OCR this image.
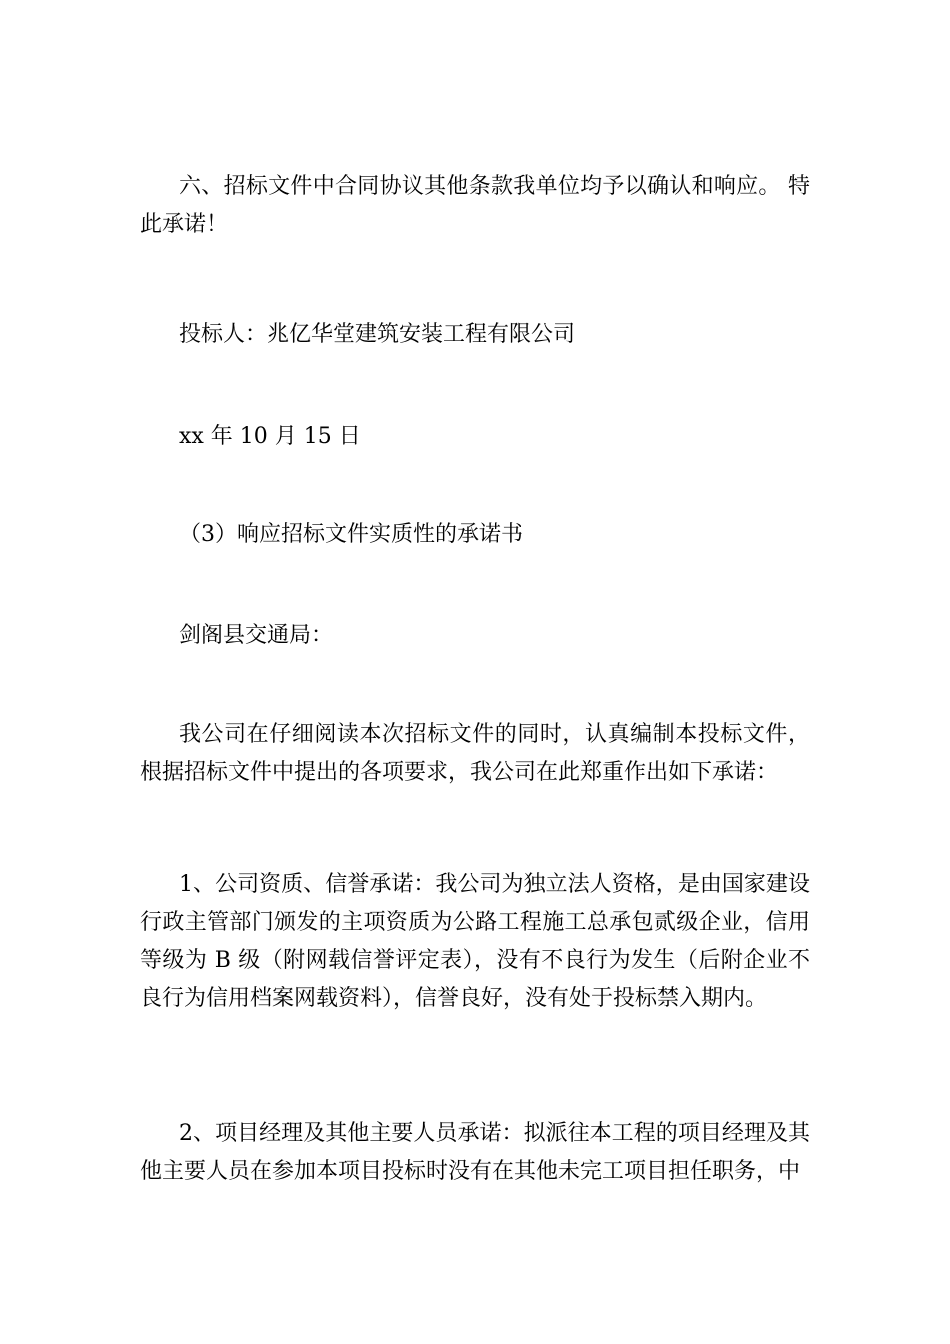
六、招标文件中合同协议其他条款我单位均予以确认和响应。 特此承诺！

投标人：兆亿华堂建筑安装工程有限公司

xx 年 10 月 15 日

（3）响应招标文件实质性的承诺书

剑阁县交通局：

我公司在仔细阅读本次招标文件的同时，认真编制本投标文件，根据招标文件中提出的各项要求，我公司在此郑重作出如下承诺：

1、公司资质、信誉承诺：我公司为独立法人资格，是由国家建设行政主管部门颁发的主项资质为公路工程施工总承包贰级企业，信用等级为 B 级（附网载信誉评定表），没有不良行为发生（后附企业不良行为信用档案网载资料），信誉良好，没有处于投标禁入期内。

2、项目经理及其他主要人员承诺：拟派往本工程的项目经理及其他主要人员在参加本项目投标时没有在其他未完工项目担任职务，中
